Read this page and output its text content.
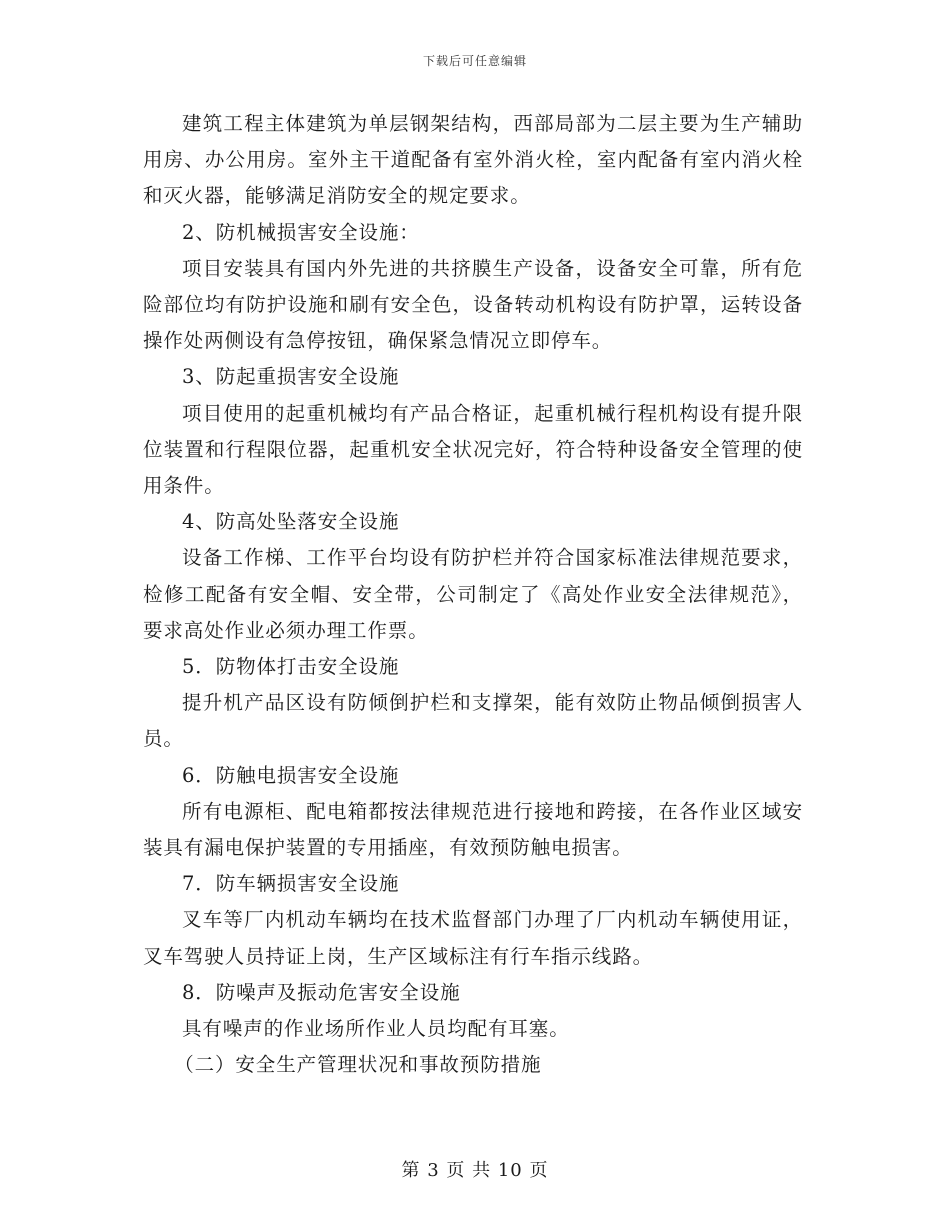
下载后可任意编辑

建筑工程主体建筑为单层钢架结构，西部局部为二层主要为生产辅助用房、办公用房。室外主干道配备有室外消火栓，室内配备有室内消火栓和灭火器，能够满足消防安全的规定要求。

2、防机械损害安全设施：

项目安装具有国内外先进的共挤膜生产设备，设备安全可靠，所有危险部位均有防护设施和刷有安全色，设备转动机构设有防护罩，运转设备操作处两侧设有急停按钮，确保紧急情况立即停车。

3、防起重损害安全设施

项目使用的起重机械均有产品合格证，起重机械行程机构设有提升限位装置和行程限位器，起重机安全状况完好，符合特种设备安全管理的使用条件。

4、防高处坠落安全设施

设备工作梯、工作平台均设有防护栏并符合国家标准法律规范要求，检修工配备有安全帽、安全带，公司制定了《高处作业安全法律规范》，要求高处作业必须办理工作票。

5．防物体打击安全设施

提升机产品区设有防倾倒护栏和支撑架，能有效防止物品倾倒损害人员。

6．防触电损害安全设施

所有电源柜、配电箱都按法律规范进行接地和跨接，在各作业区域安装具有漏电保护装置的专用插座，有效预防触电损害。

7．防车辆损害安全设施

叉车等厂内机动车辆均在技术监督部门办理了厂内机动车辆使用证，叉车驾驶人员持证上岗，生产区域标注有行车指示线路。

8．防噪声及振动危害安全设施

具有噪声的作业场所作业人员均配有耳塞。

（二）安全生产管理状况和事故预防措施

第 3 页 共 10 页
